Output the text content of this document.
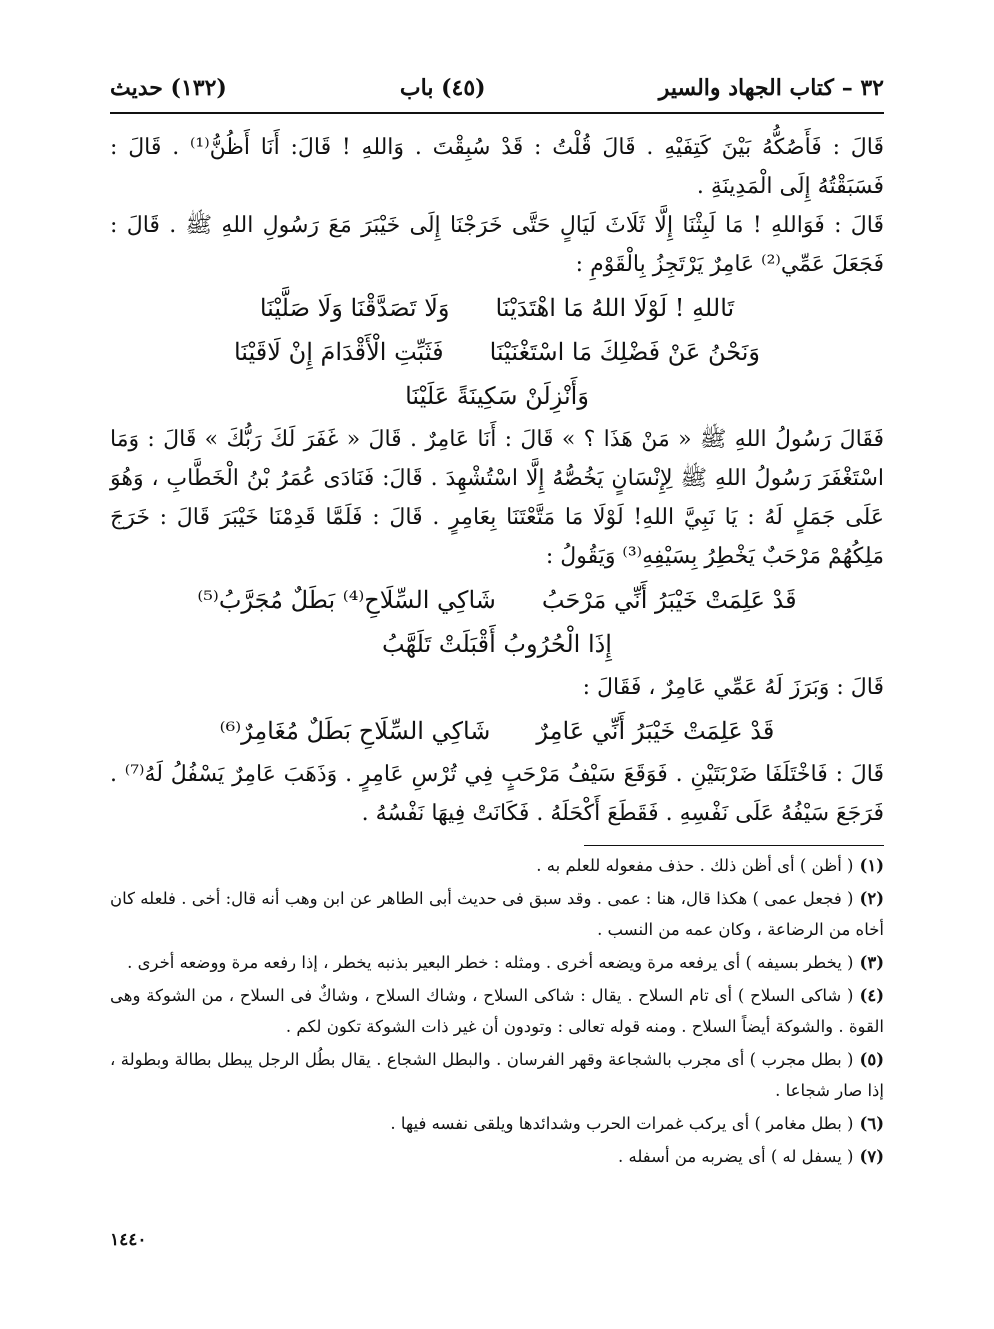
٣٢ – كتاب الجهاد والسير
(٤٥) باب
(١٣٢) حديث

قَالَ : فَأَصُكُّهُ بَيْنَ كَتِفَيْهِ . قَالَ قُلْتُ : قَدْ سُبِقْتَ . وَاللهِ ! قَالَ: أَنَا أَظُنُّ⁽¹⁾ . قَالَ : فَسَبَقْتُهُ إِلَى الْمَدِينَةِ .

قَالَ : فَوَاللهِ ! مَا لَبِثْنَا إِلَّا ثَلَاثَ لَيَالٍ حَتَّى خَرَجْنَا إِلَى خَيْبَرَ مَعَ رَسُولِ اللهِ ﷺ . قَالَ : فَجَعَلَ عَمِّي⁽²⁾ عَامِرٌ يَرْتَجِزُ بِالْقَوْمِ :

تَاللهِ ! لَوْلَا اللهُ مَا اهْتَدَيْنَا
وَلَا تَصَدَّقْنَا وَلَا صَلَّيْنَا
وَنَحْنُ عَنْ فَضْلِكَ مَا اسْتَغْنَيْنَا
فَثَبِّتِ الْأَقْدَامَ إِنْ لَاقَيْنَا
وَأَنْزِلَنْ سَكِينَةً عَلَيْنَا

فَقَالَ رَسُولُ اللهِ ﷺ « مَنْ هَذَا ؟ » قَالَ : أَنَا عَامِرٌ . قَالَ « غَفَرَ لَكَ رَبُّكَ » قَالَ : وَمَا اسْتَغْفَرَ رَسُولُ اللهِ ﷺ لِإِنْسَانٍ يَخُصُّهُ إِلَّا اسْتُشْهِدَ . قَالَ: فَنَادَى عُمَرُ بْنُ الْخَطَّابِ ، وَهُوَ عَلَى جَمَلٍ لَهُ : يَا نَبِيَّ اللهِ! لَوْلَا مَا مَتَّعْتَنَا بِعَامِرٍ . قَالَ : فَلَمَّا قَدِمْنَا خَيْبَرَ قَالَ : خَرَجَ مَلِكُهُمْ مَرْحَبٌ يَخْطِرُ بِسَيْفِهِ⁽³⁾ وَيَقُولُ :

قَدْ عَلِمَتْ خَيْبَرُ أَنِّي مَرْحَبُ
شَاكِي السِّلَاحِ⁽⁴⁾ بَطَلٌ مُجَرَّبُ⁽⁵⁾
إِذَا الْحُرُوبُ أَقْبَلَتْ تَلَهَّبُ

قَالَ : وَبَرَزَ لَهُ عَمِّي عَامِرٌ ، فَقَالَ :

قَدْ عَلِمَتْ خَيْبَرُ أَنِّي عَامِرٌ
شَاكِي السِّلَاحِ بَطَلٌ مُغَامِرٌ⁽⁶⁾

قَالَ : فَاخْتَلَفَا ضَرْبَتَيْنِ . فَوَقَعَ سَيْفُ مَرْحَبٍ فِي تُرْسِ عَامِرٍ . وَذَهَبَ عَامِرٌ يَسْفُلُ لَهُ⁽⁷⁾ . فَرَجَعَ سَيْفُهُ عَلَى نَفْسِهِ . فَقَطَعَ أَكْحَلَهُ . فَكَانَتْ فِيهَا نَفْسُهُ .

(١)( أظن ) أى أظن ذلك . حذف مفعوله للعلم به .

(٢)( فجعل عمى ) هكذا قال، هنا : عمى . وقد سبق فى حديث أبى الطاهر عن ابن وهب أنه قال: أخى . فلعله كان أخاه من الرضاعة ، وكان عمه من النسب .

(٣)( يخطر بسيفه ) أى يرفعه مرة ويضعه أخرى . ومثله : خطر البعير بذنبه يخطر ، إذا رفعه مرة ووضعه أخرى .

(٤)( شاكى السلاح ) أى تام السلاح . يقال : شاكى السلاح ، وشاك السلاح ، وشاكٌ فى السلاح ، من الشوكة وهى القوة . والشوكة أيضاً السلاح . ومنه قوله تعالى : وتودون أن غير ذات الشوكة تكون لكم .

(٥)( بطل مجرب ) أى مجرب بالشجاعة وقهر الفرسان . والبطل الشجاع . يقال بطُل الرجل يبطل بطالة وبطولة ، إذا صار شجاعا .

(٦)( بطل مغامر ) أى يركب غمرات الحرب وشدائدها ويلقى نفسه فيها .

(٧)( يسفل له ) أى يضربه من أسفله .

١٤٤٠
